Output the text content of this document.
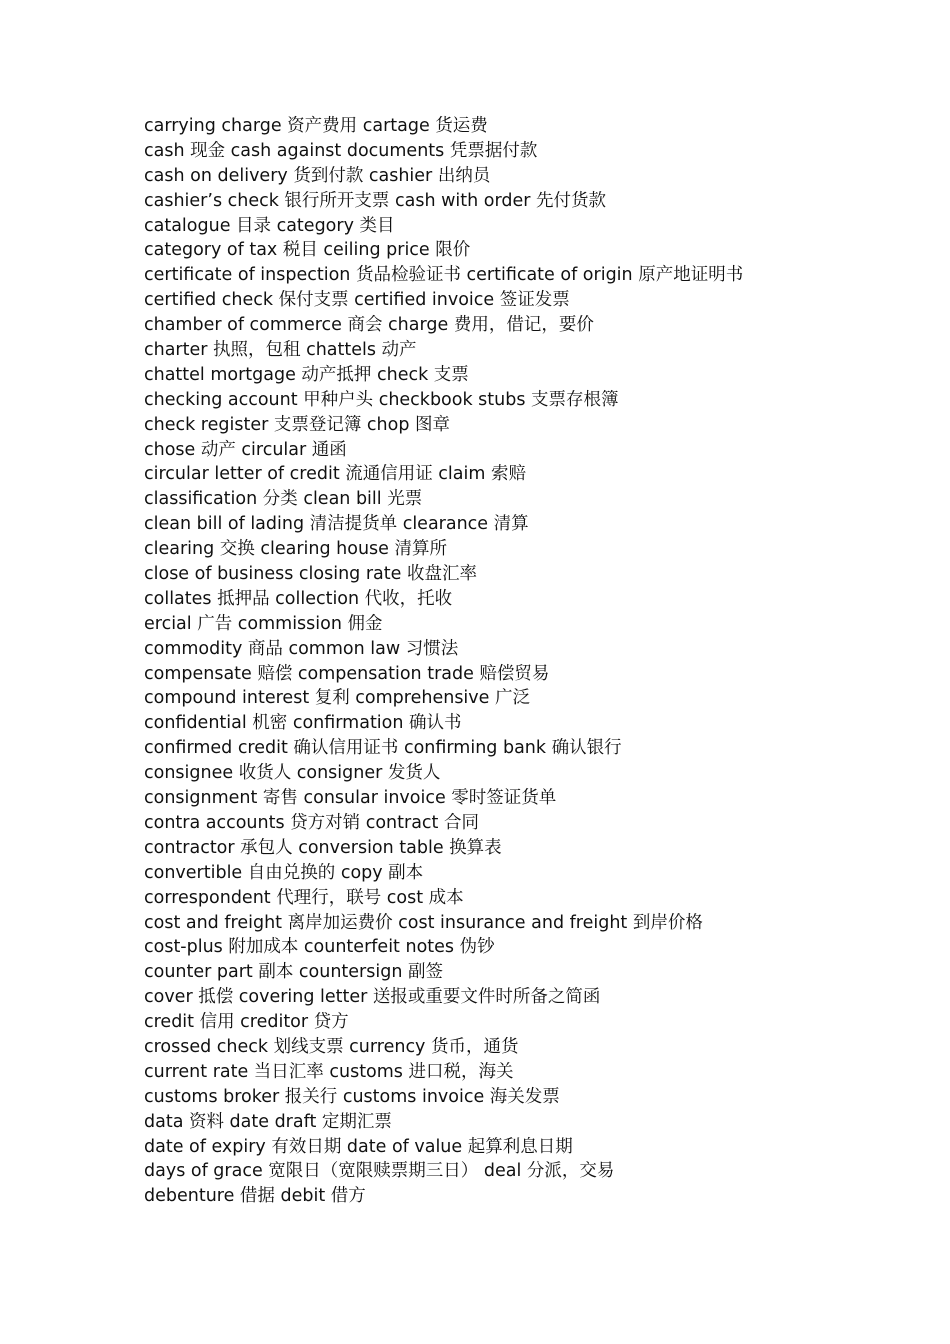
carrying charge 资产费用 cartage 货运费
cash 现金 cash against documents 凭票据付款
cash on delivery 货到付款 cashier 出纳员
cashier’s check 银行所开支票 cash with order 先付货款
catalogue 目录 category 类目
category of tax 税目 ceiling price 限价
certificate of inspection 货品检验证书 certificate of origin 原产地证明书
certified check 保付支票 certified invoice 签证发票
chamber of commerce 商会 charge 费用，借记，要价
charter 执照，包租 chattels 动产
chattel mortgage 动产抵押 check 支票
checking account 甲种户头 checkbook stubs 支票存根簿
check register 支票登记簿 chop 图章
chose 动产 circular 通函
circular letter of credit 流通信用证 claim 索赔
classification 分类 clean bill 光票
clean bill of lading 清洁提货单 clearance 清算
clearing 交换 clearing house 清算所
close of business closing rate 收盘汇率
collates 抵押品 collection 代收，托收
ercial 广告 commission 佣金
commodity 商品 common law 习惯法
compensate 赔偿 compensation trade 赔偿贸易
compound interest 复利 comprehensive 广泛
confidential 机密 confirmation 确认书
confirmed credit 确认信用证书 confirming bank 确认银行
consignee 收货人 consigner 发货人
consignment 寄售 consular invoice 零时签证货单
contra accounts 贷方对销 contract 合同
contractor 承包人 conversion table 换算表
convertible 自由兑换的 copy 副本
correspondent 代理行，联号 cost 成本
cost and freight 离岸加运费价 cost insurance and freight 到岸价格
cost-plus 附加成本 counterfeit notes 伪钞
counter part 副本 countersign 副签
cover 抵偿 covering letter 送报或重要文件时所备之简函
credit 信用 creditor 贷方
crossed check 划线支票 currency 货币，通货
current rate 当日汇率 customs 进口税，海关
customs broker 报关行 customs invoice 海关发票
data 资料 date draft 定期汇票
date of expiry 有效日期 date of value 起算利息日期
days of grace 宽限日（宽限赎票期三日） deal 分派，交易
debenture 借据 debit 借方
